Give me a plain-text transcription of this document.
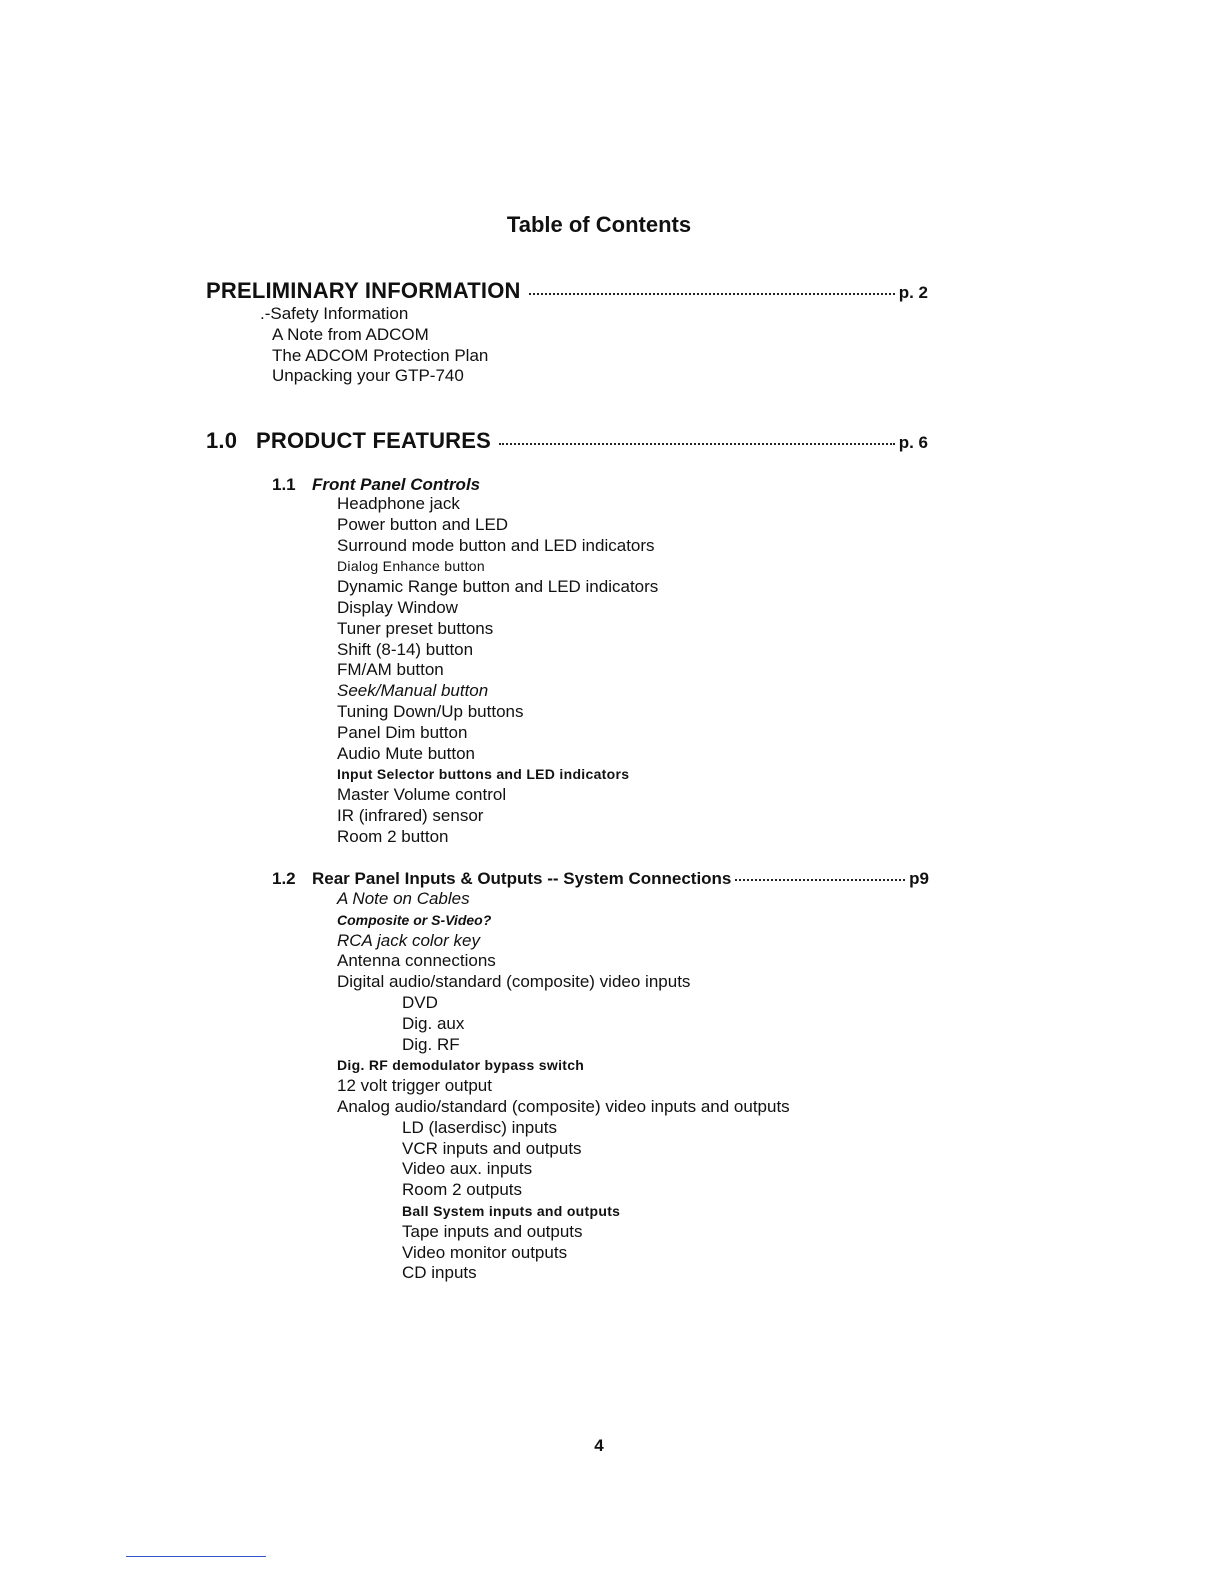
Table of Contents
PRELIMINARY INFORMATION	p. 2
.-Safety Information
A Note from ADCOM
The ADCOM Protection Plan
Unpacking your GTP-740
1.0 PRODUCT FEATURES	p. 6
1.1 Front Panel Controls
Headphone jack
Power button and LED
Surround mode button and LED indicators
Dialog Enhance button
Dynamic Range button and LED indicators
Display Window
Tuner preset buttons
Shift (8-14) button
FM/AM button
Seek/Manual button
Tuning Down/Up buttons
Panel Dim button
Audio Mute button
Input Selector buttons and LED indicators
Master Volume control
IR (infrared) sensor
Room 2 button
1.2 Rear Panel Inputs & Outputs -- System Connections	p9
A Note on Cables
Composite or S-Video?
RCA jack color key
Antenna connections
Digital audio/standard (composite) video inputs
DVD
Dig. aux
Dig. RF
Dig. RF demodulator bypass switch
12 volt trigger output
Analog audio/standard (composite) video inputs and outputs
LD (laserdisc) inputs
VCR inputs and outputs
Video aux. inputs
Room 2 outputs
Ball System inputs and outputs
Tape inputs and outputs
Video monitor outputs
CD inputs
4
